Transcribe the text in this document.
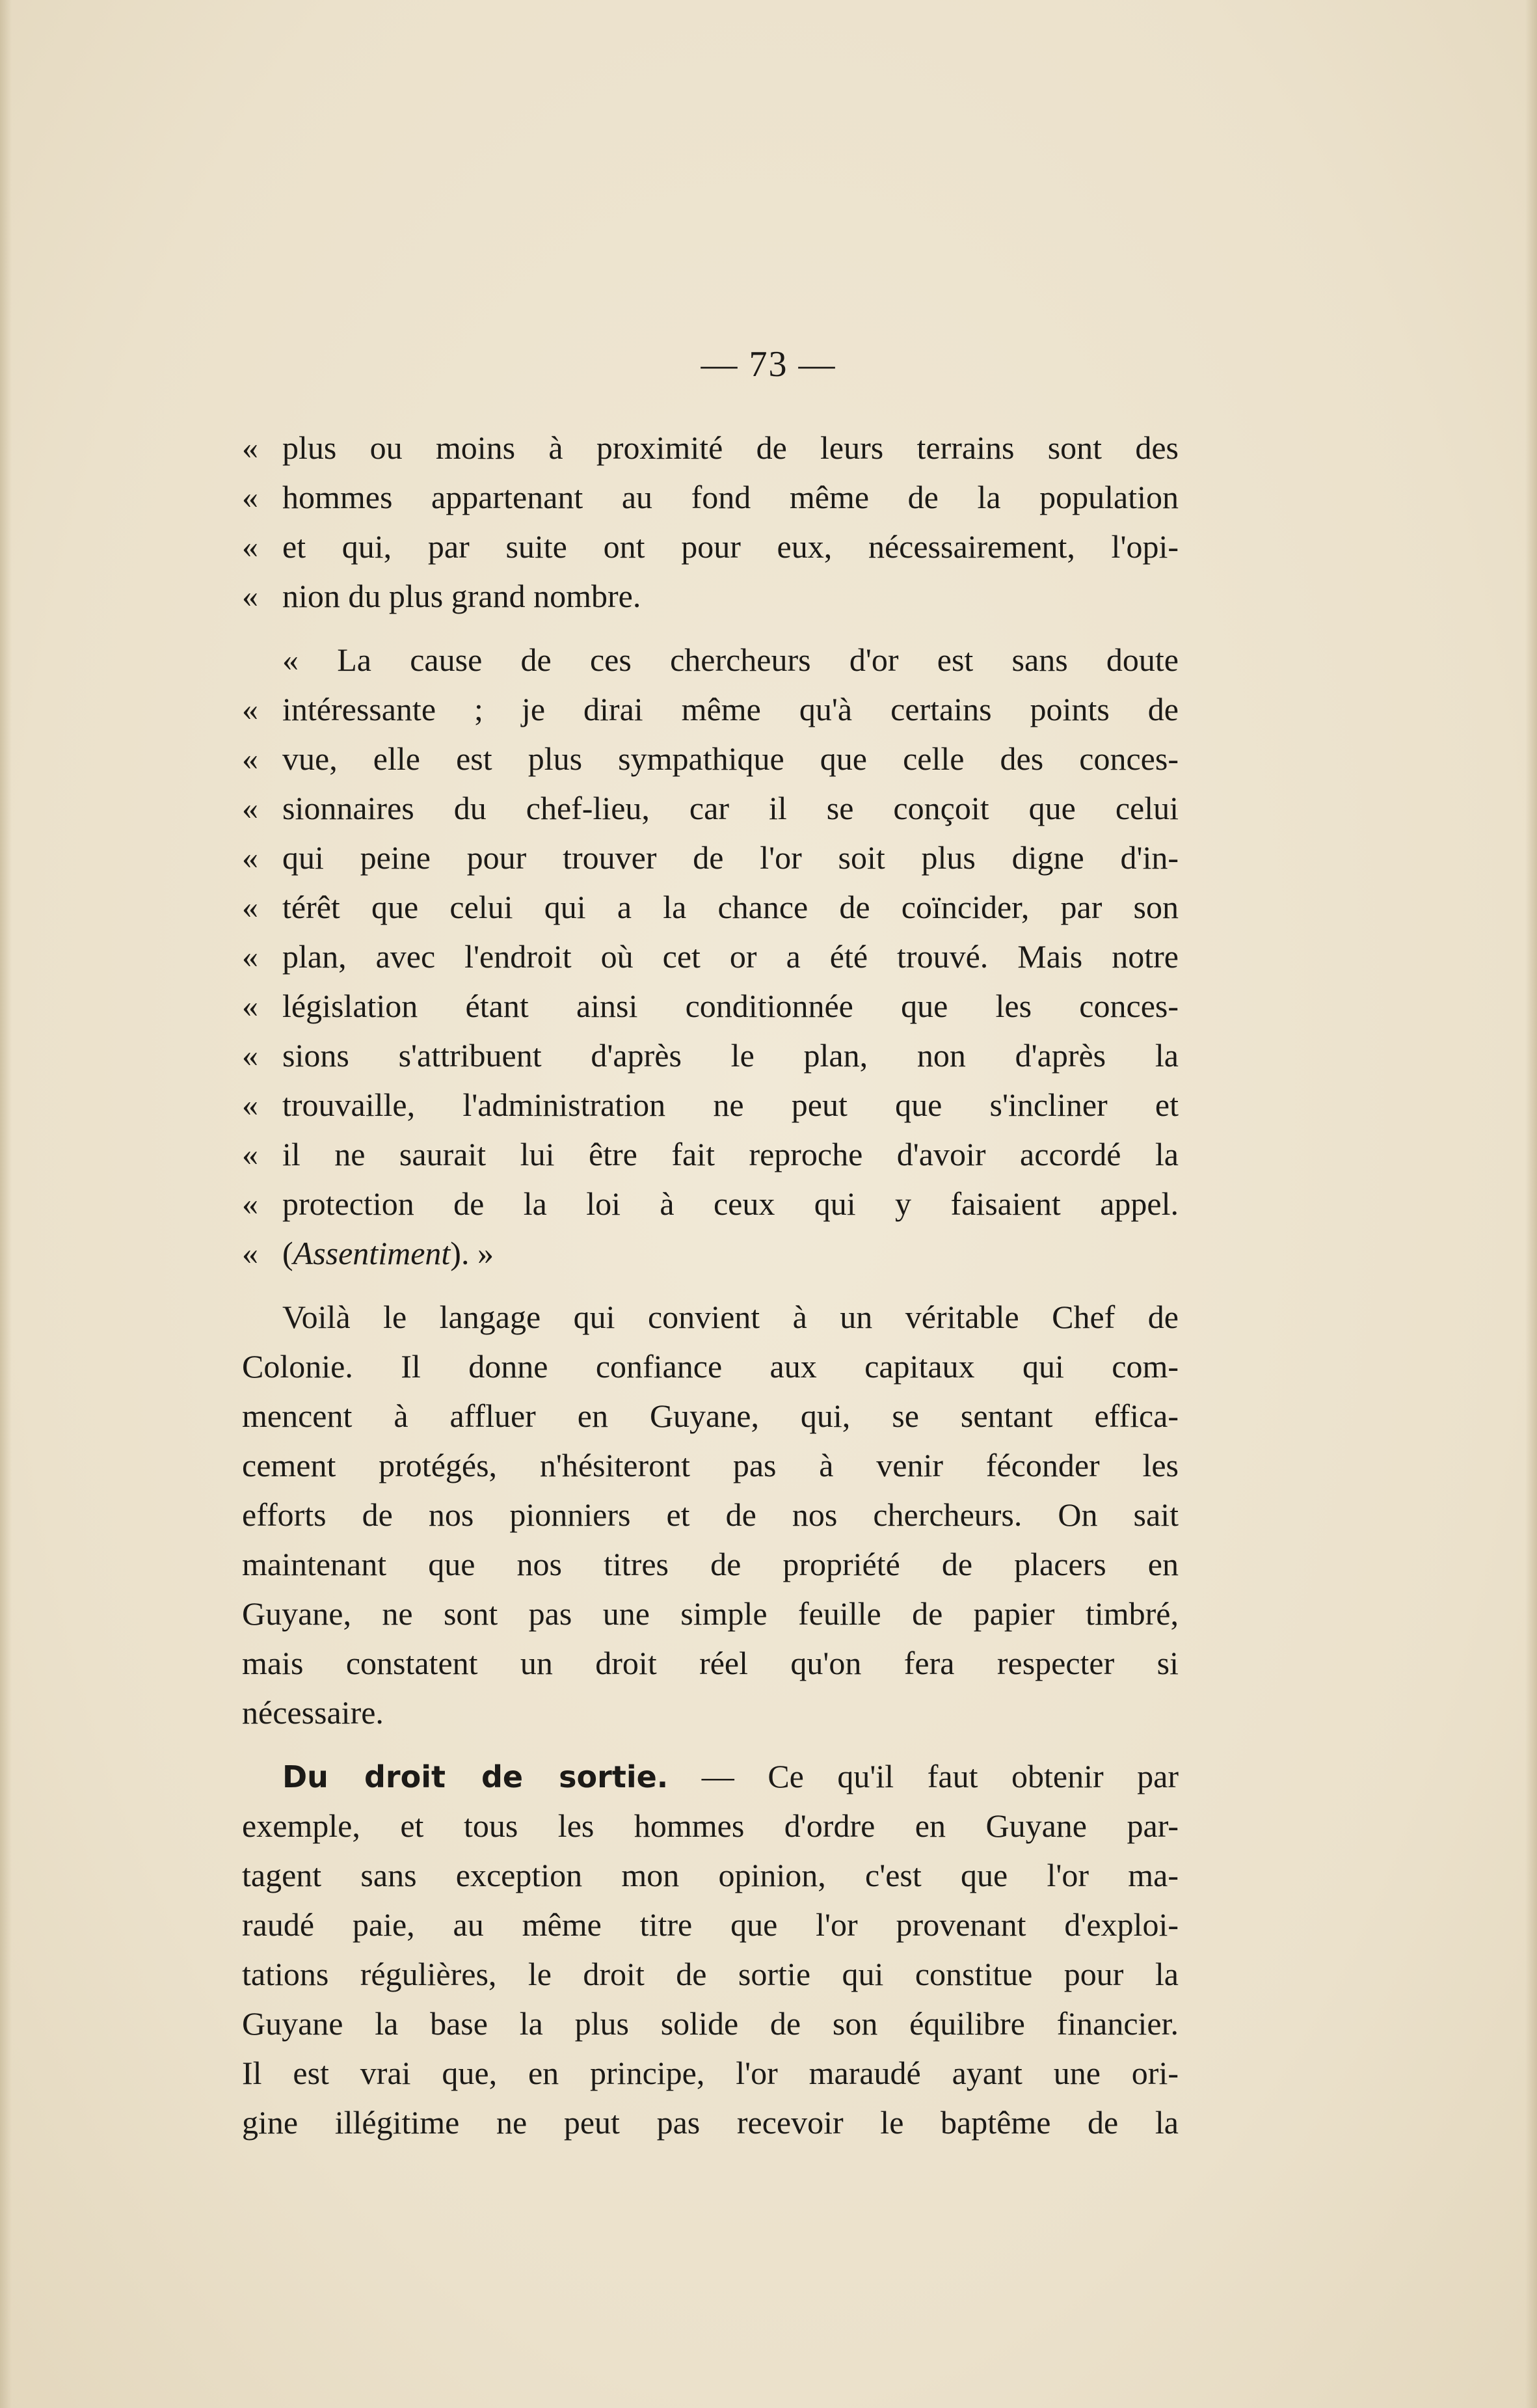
— 73 —
« plus ou moins à proximité de leurs terrains sont des
« hommes appartenant au fond même de la population
« et qui, par suite ont pour eux, nécessairement, l'opi-
« nion du plus grand nombre.
« La cause de ces chercheurs d'or est sans doute
« intéressante ; je dirai même qu'à certains points de
« vue, elle est plus sympathique que celle des conces-
« sionnaires du chef-lieu, car il se conçoit que celui
« qui peine pour trouver de l'or soit plus digne d'in-
« térêt que celui qui a la chance de coïncider, par son
« plan, avec l'endroit où cet or a été trouvé. Mais notre
« législation étant ainsi conditionnée que les conces-
« sions s'attribuent d'après le plan, non d'après la
« trouvaille, l'administration ne peut que s'incliner et
« il ne saurait lui être fait reproche d'avoir accordé la
« protection de la loi à ceux qui y faisaient appel.
« (Assentiment). »
Voilà le langage qui convient à un véritable Chef de
Colonie. Il donne confiance aux capitaux qui com-
mencent à affluer en Guyane, qui, se sentant effica-
cement protégés, n'hésiteront pas à venir féconder les
efforts de nos pionniers et de nos chercheurs. On sait
maintenant que nos titres de propriété de placers en
Guyane, ne sont pas une simple feuille de papier timbré,
mais constatent un droit réel qu'on fera respecter si
nécessaire.
Du droit de sortie. — Ce qu'il faut obtenir par
exemple, et tous les hommes d'ordre en Guyane par-
tagent sans exception mon opinion, c'est que l'or ma-
raudé paie, au même titre que l'or provenant d'exploi-
tations régulières, le droit de sortie qui constitue pour la
Guyane la base la plus solide de son équilibre financier.
Il est vrai que, en principe, l'or maraudé ayant une ori-
gine illégitime ne peut pas recevoir le baptême de la
